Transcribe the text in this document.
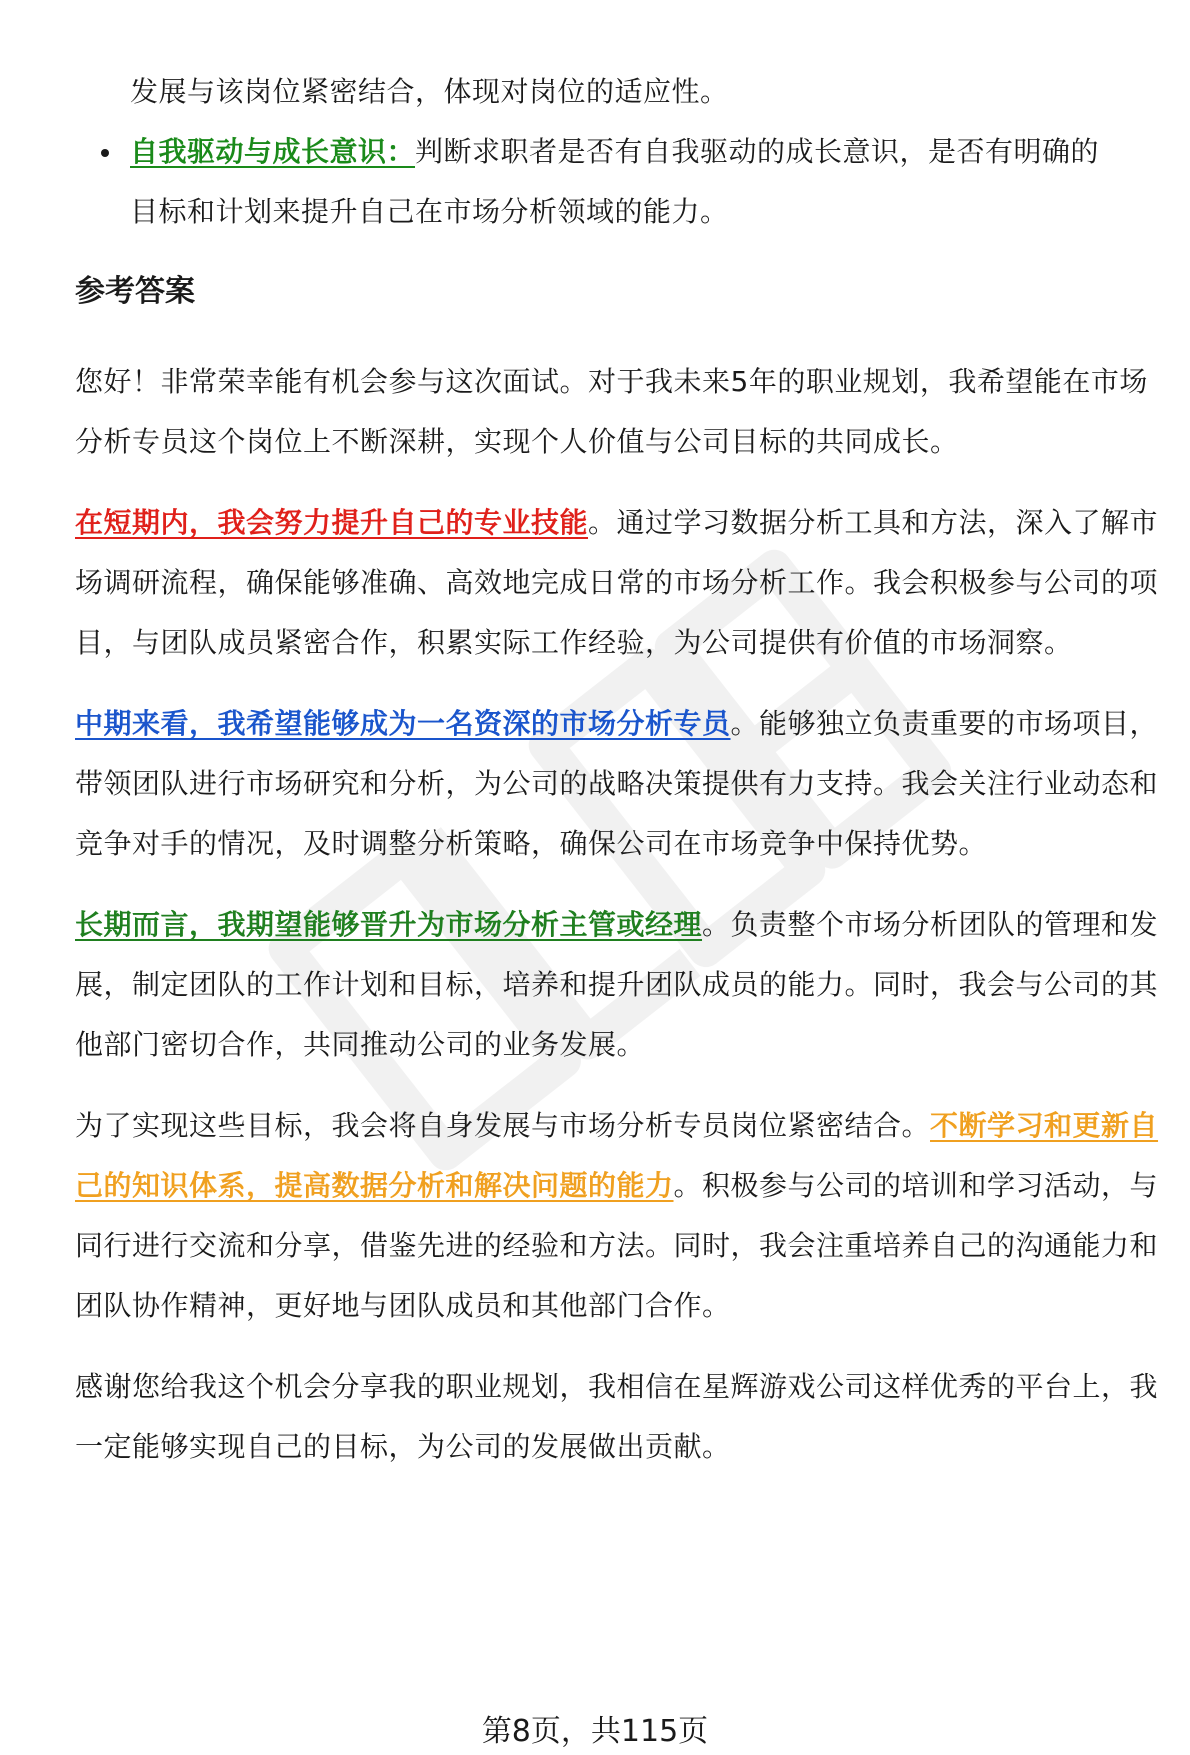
发展与该岗位紧密结合，体现对岗位的适应性。

自我驱动与成长意识：判断求职者是否有自我驱动的成长意识，是否有明确的
目标和计划来提升自己在市场分析领域的能力。
参考答案

您好！非常荣幸能有机会参与这次面试。对于我未来5年的职业规划，我希望能在市场分析专员这个岗位上不断深耕，实现个人价值与公司目标的共同成长。

在短期内，我会努力提升自己的专业技能。通过学习数据分析工具和方法，深入了解市场调研流程，确保能够准确、高效地完成日常的市场分析工作。我会积极参与公司的项目，与团队成员紧密合作，积累实际工作经验，为公司提供有价值的市场洞察。

中期来看，我希望能够成为一名资深的市场分析专员。能够独立负责重要的市场项目，带领团队进行市场研究和分析，为公司的战略决策提供有力支持。我会关注行业动态和竞争对手的情况，及时调整分析策略，确保公司在市场竞争中保持优势。

长期而言，我期望能够晋升为市场分析主管或经理。负责整个市场分析团队的管理和发展，制定团队的工作计划和目标，培养和提升团队成员的能力。同时，我会与公司的其他部门密切合作，共同推动公司的业务发展。

为了实现这些目标，我会将自身发展与市场分析专员岗位紧密结合。不断学习和更新自己的知识体系，提高数据分析和解决问题的能力。积极参与公司的培训和学习活动，与同行进行交流和分享，借鉴先进的经验和方法。同时，我会注重培养自己的沟通能力和团队协作精神，更好地与团队成员和其他部门合作。

感谢您给我这个机会分享我的职业规划，我相信在星辉游戏公司这样优秀的平台上，我一定能够实现自己的目标，为公司的发展做出贡献。

第8页，共115页
